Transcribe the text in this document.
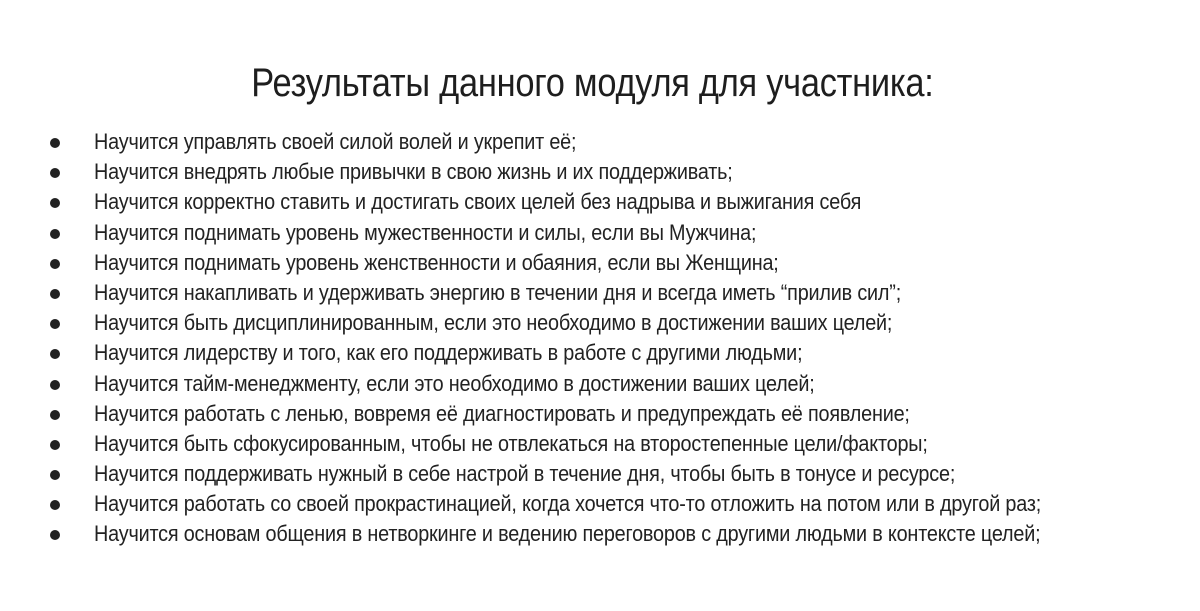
Результаты данного модуля для участника:
Научится управлять своей силой волей и укрепит её;
Научится внедрять любые привычки в свою жизнь и их поддерживать;
Научится корректно ставить и достигать своих целей без надрыва и выжигания себя
Научится поднимать уровень мужественности и силы, если вы Мужчина;
Научится поднимать уровень женственности и обаяния, если вы Женщина;
Научится накапливать и удерживать энергию в течении дня и всегда иметь “прилив сил”;
Научится быть дисциплинированным, если это необходимо в достижении ваших целей;
Научится лидерству и того, как его поддерживать в работе с другими людьми;
Научится тайм-менеджменту, если это необходимо в достижении ваших целей;
Научится работать с ленью, вовремя её диагностировать и предупреждать её появление;
Научится быть сфокусированным, чтобы не отвлекаться на второстепенные цели/факторы;
Научится поддерживать нужный в себе настрой в течение дня, чтобы быть в тонусе и ресурсе;
Научится работать со своей прокрастинацией, когда хочется что-то отложить на потом или в другой раз;
Научится основам общения в нетворкинге и ведению переговоров с другими людьми в контексте целей;
